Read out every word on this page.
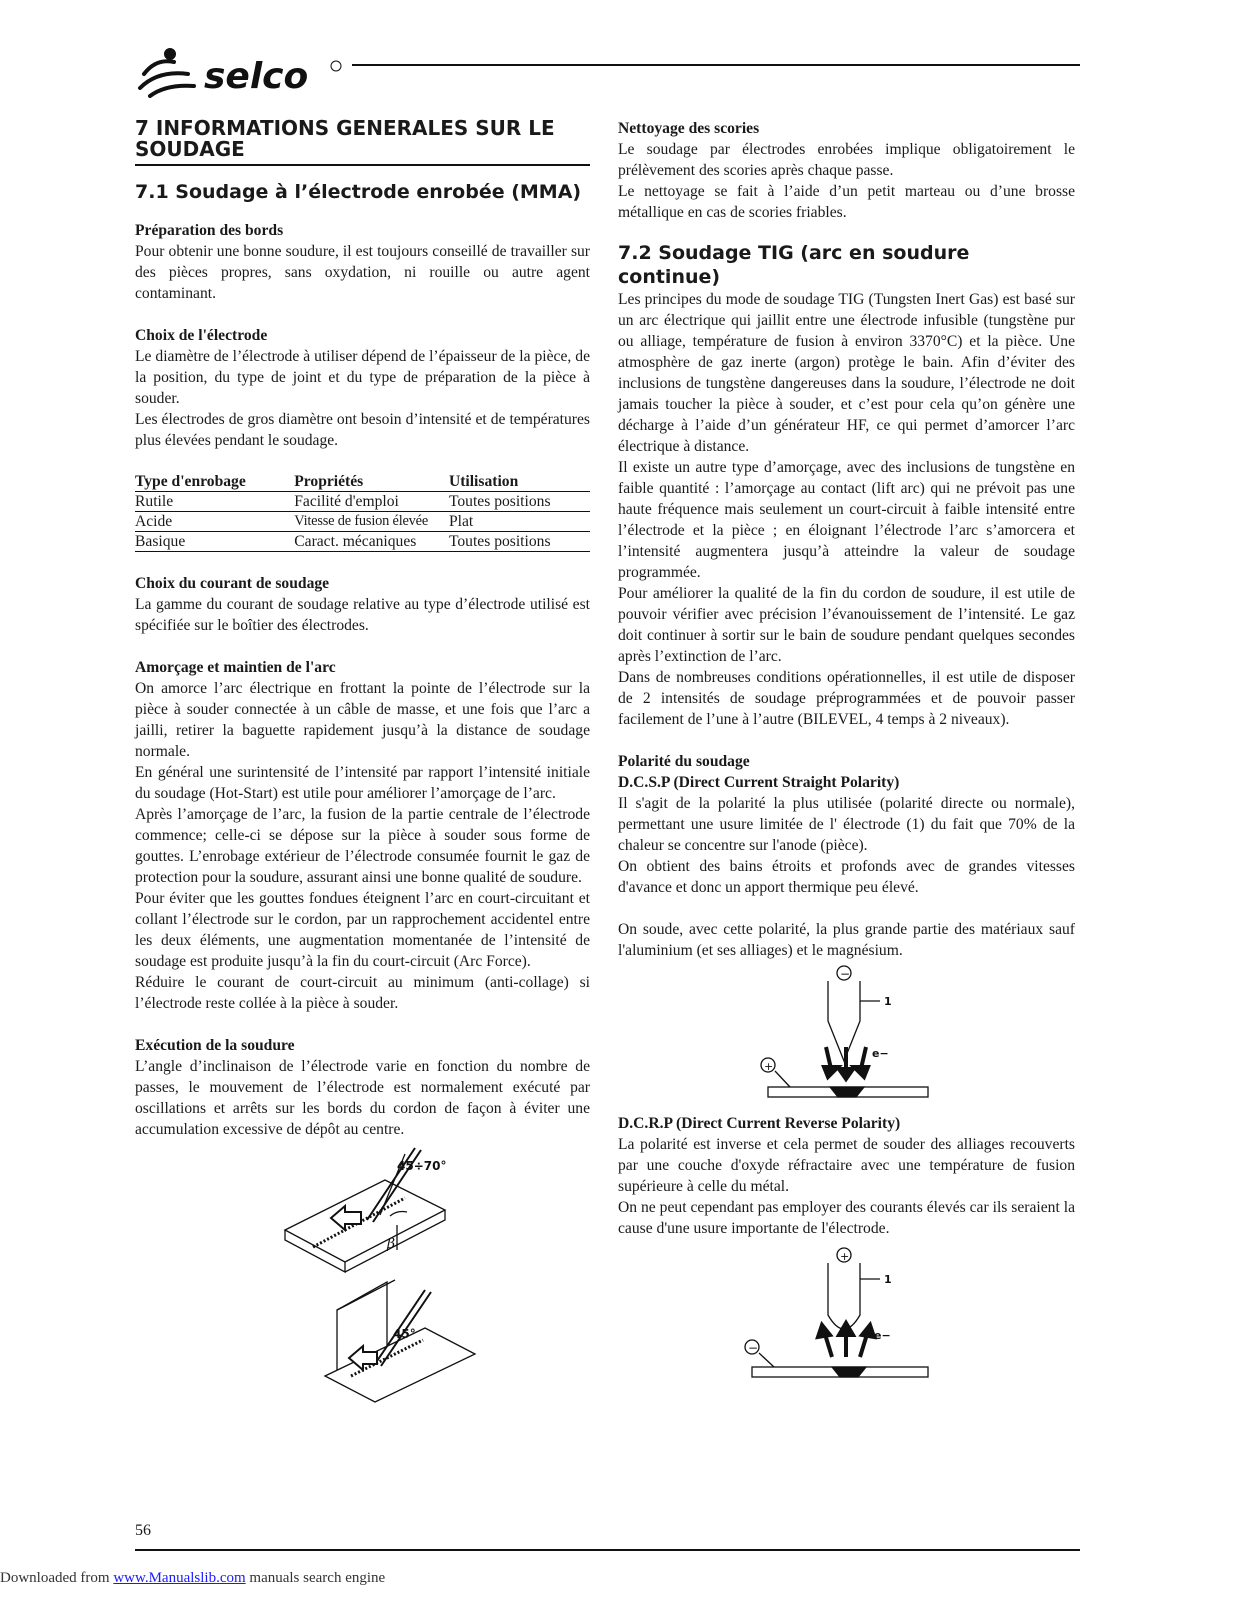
selco
7 INFORMATIONS GENERALES SUR LE SOUDAGE
7.1 Soudage à l’électrode enrobée (MMA)
Préparation des bords

Pour obtenir une bonne soudure, il est toujours conseillé de travailler sur des pièces propres, sans oxydation, ni rouille ou autre agent contaminant.

Choix de l'électrode

Le diamètre de l’électrode à utiliser dépend de l’épaisseur de la pièce, de la position, du type de joint et du type de préparation de la pièce à souder.

Les électrodes de gros diamètre ont besoin d’intensité et de températures plus élevées pendant le soudage.

Type d'enrobage	Propriétés	Utilisation
Rutile	Facilité d'emploi	Toutes positions
Acide	Vitesse de fusion élevée	Plat
Basique	Caract. mécaniques	Toutes positions
Choix du courant de soudage

La gamme du courant de soudage relative au type d’électrode utilisé est spécifiée sur le boîtier des électrodes.

Amorçage et maintien de l'arc

On amorce l’arc électrique en frottant la pointe de l’électrode sur la pièce à souder connectée à un câble de masse, et une fois que l’arc a jailli, retirer la baguette rapidement jusqu’à la distance de soudage normale.

En général une surintensité de l’intensité par rapport l’intensité initiale du soudage (Hot-Start) est utile pour améliorer l’amorçage de l’arc.

Après l’amorçage de l’arc, la fusion de la partie centrale de l’électrode commence; celle-ci se dépose sur la pièce à souder sous forme de gouttes. L’enrobage extérieur de l’électrode consumée fournit le gaz de protection pour la soudure, assurant ainsi une bonne qualité de soudure.

Pour éviter que les gouttes fondues éteignent l’arc en court-circuitant et collant l’électrode sur le cordon, par un rapprochement accidentel entre les deux éléments, une augmentation momentanée de l’intensité de soudage est produite jusqu’à la fin du court-circuit (Arc Force).

Réduire le courant de court-circuit au minimum (anti-collage) si l’électrode reste collée à la pièce à souder.

Exécution de la soudure

L’angle d’inclinaison de l’électrode varie en fonction du nombre de passes, le mouvement de l’électrode est normalement exécuté par oscillations et arrêts sur les bords du cordon de façon à éviter une accumulation excessive de dépôt au centre.

45÷70°
β
45°
Nettoyage des scories

Le soudage par électrodes enrobées implique obligatoirement le prélèvement des scories après chaque passe.

Le nettoyage se fait à l’aide d’un petit marteau ou d’une brosse métallique en cas de scories friables.

7.2 Soudage TIG (arc en soudure continue)

Les principes du mode de soudage TIG (Tungsten Inert Gas) est basé sur un arc électrique qui jaillit entre une électrode infusible (tungstène pur ou alliage, température de fusion à environ 3370°C) et la pièce. Une atmosphère de gaz inerte (argon) protège le bain. Afin d’éviter des inclusions de tungstène dangereuses dans la soudure, l’électrode ne doit jamais toucher la pièce à souder, et c’est pour cela qu’on génère une décharge à l’aide d’un générateur HF, ce qui permet d’amorcer l’arc électrique à distance.

Il existe un autre type d’amorçage, avec des inclusions de tungstène en faible quantité : l’amorçage au contact (lift arc) qui ne prévoit pas une haute fréquence mais seulement un court-circuit à faible intensité entre l’électrode et la pièce ; en éloignant l’électrode l’arc s’amorcera et l’intensité augmentera jusqu’à atteindre la valeur de soudage programmée.

Pour améliorer la qualité de la fin du cordon de soudure, il est utile de pouvoir vérifier avec précision l’évanouissement de l’intensité. Le gaz doit continuer à sortir sur le bain de soudure pendant quelques secondes après l’extinction de l’arc.

Dans de nombreuses conditions opérationnelles, il est utile de disposer de 2 intensités de soudage préprogrammées et de pouvoir passer facilement de l’une à l’autre (BILEVEL, 4 temps à 2 niveaux).

Polarité du soudage
D.C.S.P (Direct Current Straight Polarity)

Il s'agit de la polarité la plus utilisée (polarité directe ou normale), permettant une usure limitée de l' électrode (1) du fait que 70% de la chaleur se concentre sur l'anode (pièce).

On obtient des bains étroits et profonds avec de grandes vitesses d'avance et donc un apport thermique peu élevé.

On soude, avec cette polarité, la plus grande partie des matériaux sauf l'aluminium (et ses alliages) et le magnésium.

−
+
1
e−
D.C.R.P (Direct Current Reverse Polarity)

La polarité est inverse et cela permet de souder des alliages recouverts par une couche d'oxyde réfractaire avec une température de fusion supérieure à celle du métal.

On ne peut cependant pas employer des courants élevés car ils seraient la cause d'une usure importante de l'électrode.

+
−
1
e−
56
Downloaded from www.Manualslib.com manuals search engine
